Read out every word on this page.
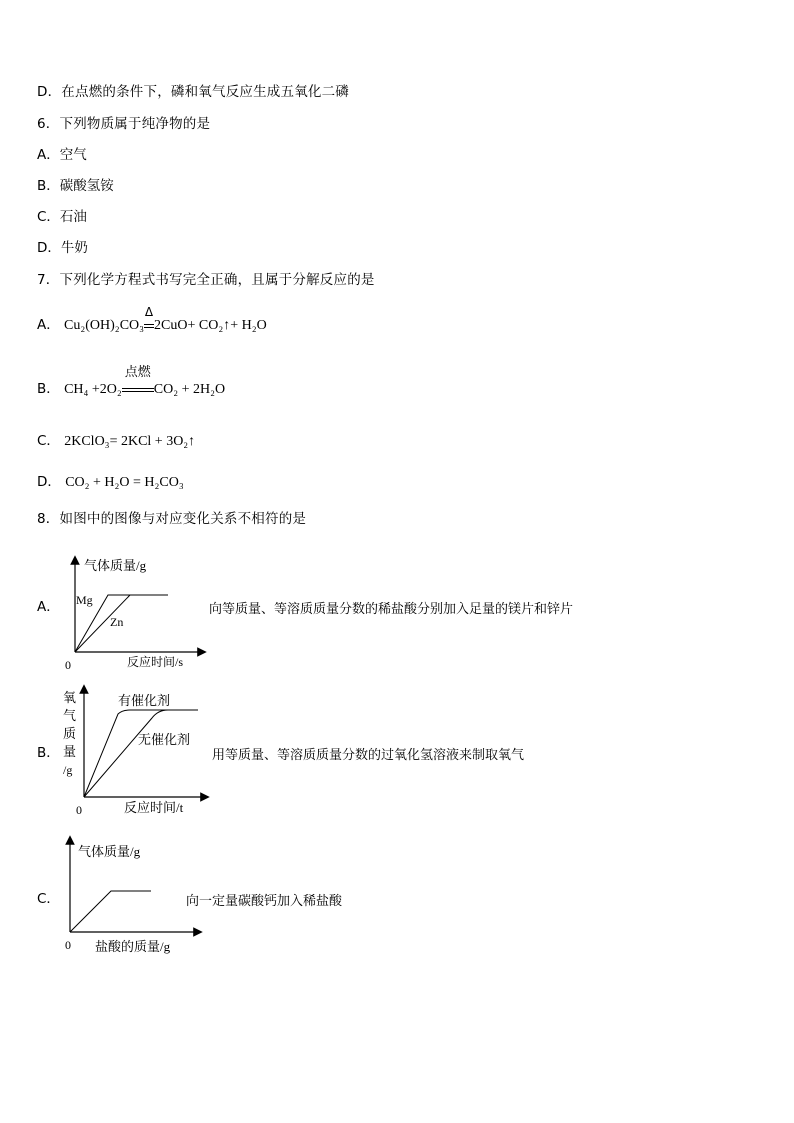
D．在点燃的条件下，磷和氧气反应生成五氧化二磷
6．下列物质属于纯净物的是
A．空气
B．碳酸氢铵
C．石油
D．牛奶
7．下列化学方程式书写完全正确，且属于分解反应的是
A． Cu₂(OH)₂CO₃
Δ
2CuO+ CO₂↑+ H₂O
B． CH₄ +2O₂
点燃
CO₂ + 2H₂O
C． 2KClO₃= 2KCl + 3O₂↑
D． CO₂ + H₂O = H₂CO₃
8．如图中的图像与对应变化关系不相符的是
A．
气体质量/g
Mg
Zn
0	反应时间/s
向等质量、等溶质质量分数的稀盐酸分别加入足量的镁片和锌片
B．
氧
气
质
量
/g
有催化剂
无催化剂
0	反应时间/t
用等质量、等溶质质量分数的过氧化氢溶液来制取氧气
C．
气体质量/g
0 盐酸的质量/g
向一定量碳酸钙加入稀盐酸
